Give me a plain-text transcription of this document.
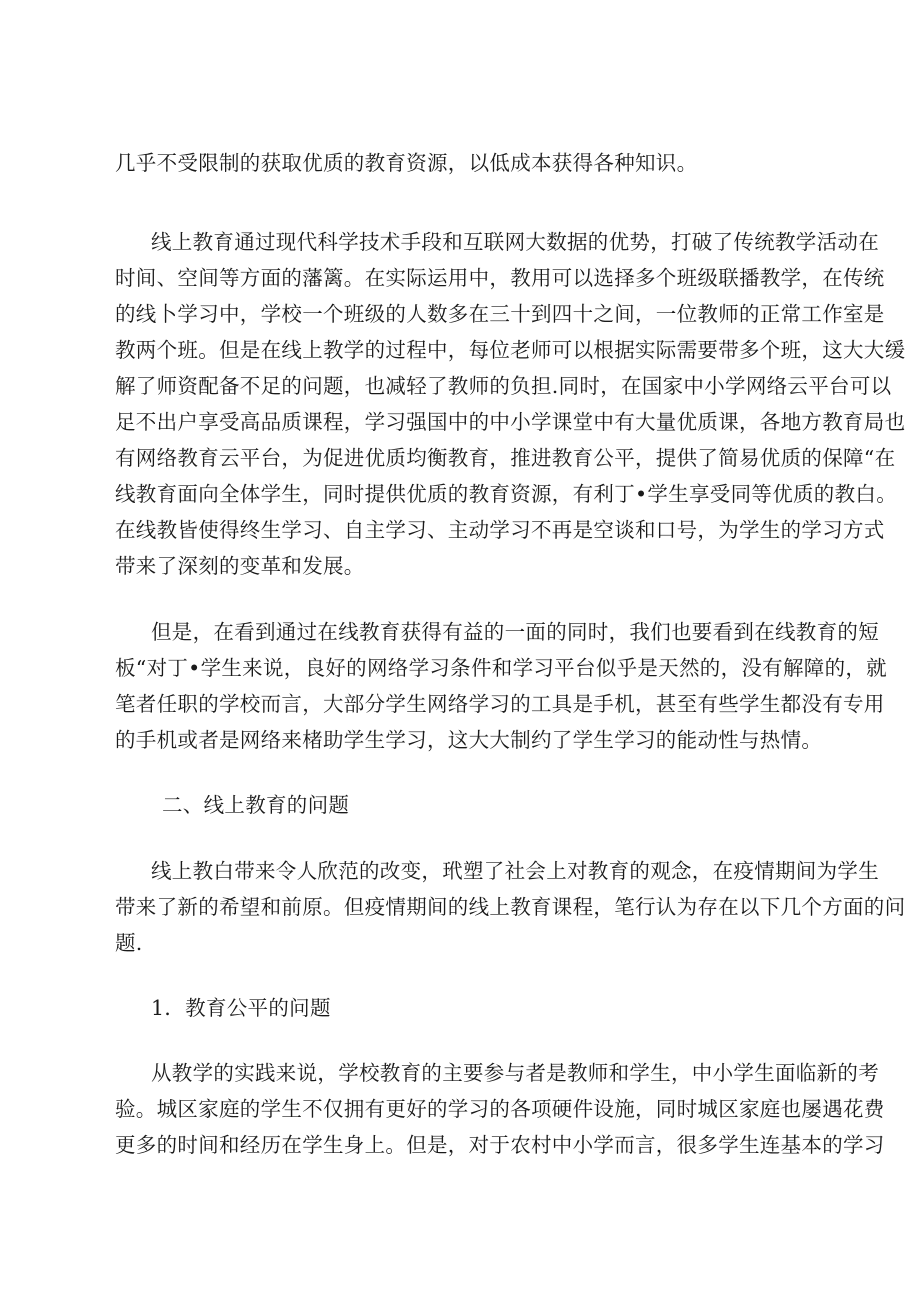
几乎不受限制的获取优质的教育资源，以低成本获得各种知识。
线上教育通过现代科学技术手段和互联网大数据的优势，打破了传统教学活动在
时间、空间等方面的藩篱。在实际运用中，教用可以选择多个班级联播教学，在传统
的线卜学习中，学校一个班级的人数多在三十到四十之间，一位教师的正常工作室是
教两个班。但是在线上教学的过程中，每位老师可以根据实际需要带多个班，这大大缓
解了师资配备不足的问题，也减轻了教师的负担.同时，在国家中小学网络云平台可以
足不出户享受高品质课程，学习强国中的中小学课堂中有大量优质课，各地方教育局也
有网络教育云平台，为促进优质均衡教育，推进教育公平，提供了简易优质的保障“在
线教育面向全体学生，同时提供优质的教育资源，有利丁•学生享受同等优质的教白。
在线教皆使得终生学习、自主学习、主动学习不再是空谈和口号，为学生的学习方式
带来了深刻的变革和发展。
但是，在看到通过在线教育获得有益的一面的同时，我们也要看到在线教育的短
板“对丁•学生来说，良好的网络学习条件和学习平台似乎是天然的，没有解障的，就
笔者任职的学校而言，大部分学生网络学习的工具是手机，甚至有些学生都没有专用
的手机或者是网络来楮助学生学习，这大大制约了学生学习的能动性与热情。
二、线上教育的问题
线上教白带来令人欣范的改变，玳塑了社会上对教育的观念，在疫情期间为学生
带来了新的希望和前原。但疫情期间的线上教育课程，笔行认为存在以下几个方面的问
题.
1．教育公平的问题
从教学的实践来说，学校教育的主要参与者是教师和学生，中小学生面临新的考
验。城区家庭的学生不仅拥有更好的学习的各项硬件设施，同时城区家庭也屡遇花费
更多的时间和经历在学生身上。但是，对于农村中小学而言，很多学生连基本的学习
